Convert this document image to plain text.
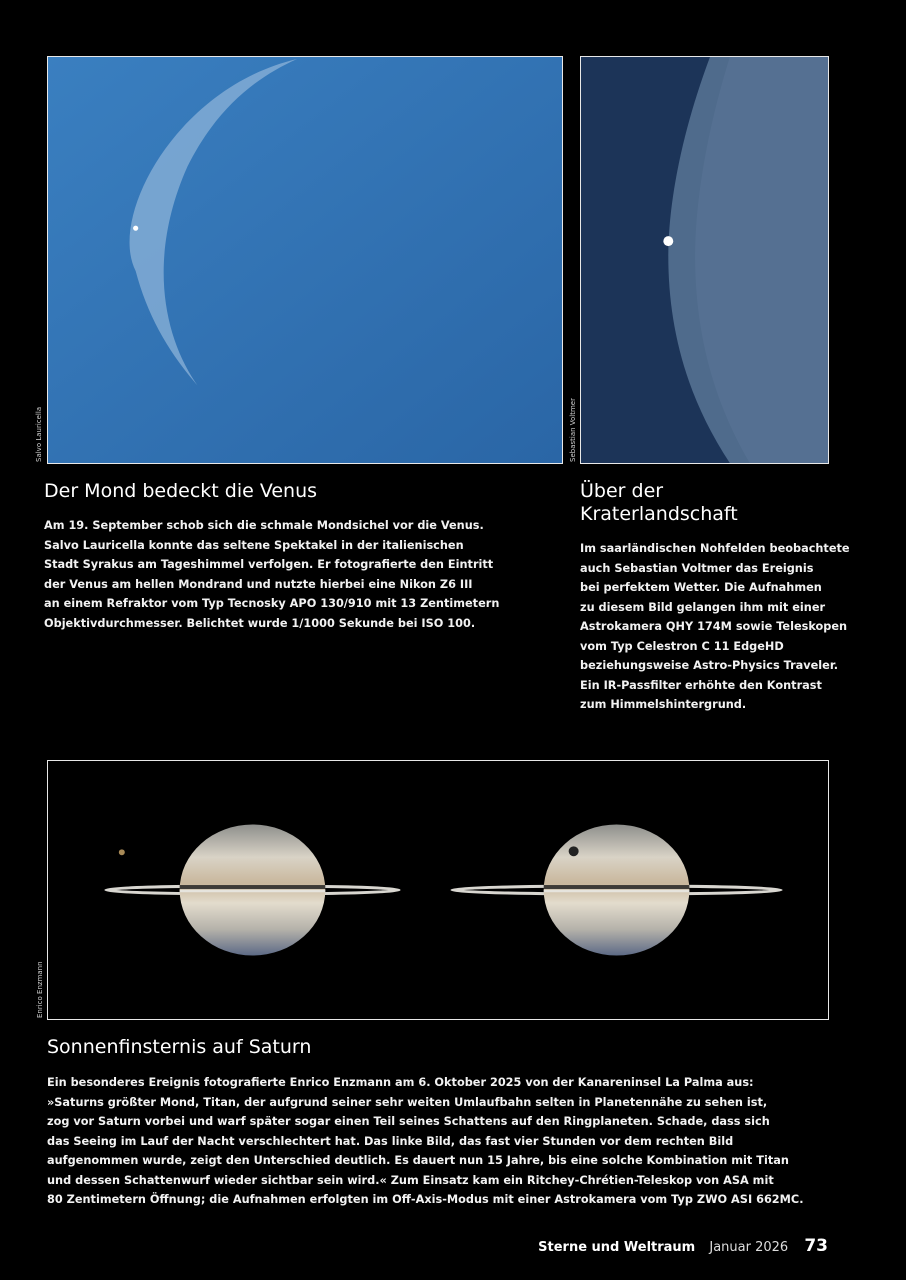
Salvo Lauricella	Sebastian Voltmer
Der Mond bedeckt die Venus

Am 19. September schob sich die schmale Mondsichel vor die Venus.
Salvo Lauricella konnte das seltene Spektakel in der italienischen
Stadt Syrakus am Tageshimmel verfolgen. Er fotografierte den Eintritt
der Venus am hellen Mondrand und nutzte hierbei eine Nikon Z6 III
an einem Refraktor vom Typ Tecnosky APO 130/910 mit 13 Zentimetern
Objektivdurchmesser. Belichtet wurde 1/1000 Sekunde bei ISO 100.

Über der
Kraterlandschaft

Im saarländischen Nohfelden beobachtete
auch Sebastian Voltmer das Ereignis
bei perfektem Wetter. Die Aufnahmen
zu diesem Bild gelangen ihm mit einer
Astrokamera QHY 174M sowie Teleskopen
vom Typ Celestron C 11 EdgeHD
beziehungsweise Astro-Physics Traveler.
Ein IR-Passfilter erhöhte den Kontrast
zum Himmelshintergrund.

Enrico Enzmann
Sonnenfinsternis auf Saturn

Ein besonderes Ereignis fotografierte Enrico Enzmann am 6. Oktober 2025 von der Kanareninsel La Palma aus:
»Saturns größter Mond, Titan, der aufgrund seiner sehr weiten Umlaufbahn selten in Planetennähe zu sehen ist,
zog vor Saturn vorbei und warf später sogar einen Teil seines Schattens auf den Ringplaneten. Schade, dass sich
das Seeing im Lauf der Nacht verschlechtert hat. Das linke Bild, das fast vier Stunden vor dem rechten Bild
aufgenommen wurde, zeigt den Unterschied deutlich. Es dauert nun 15 Jahre, bis eine solche Kombination mit Titan
und dessen Schattenwurf wieder sichtbar sein wird.« Zum Einsatz kam ein Ritchey-Chrétien-Teleskop von ASA mit
80 Zentimetern Öffnung; die Aufnahmen erfolgten im Off-Axis-Modus mit einer Astrokamera vom Typ ZWO ASI 662MC.

Sterne und Weltraum Januar 2026 73
